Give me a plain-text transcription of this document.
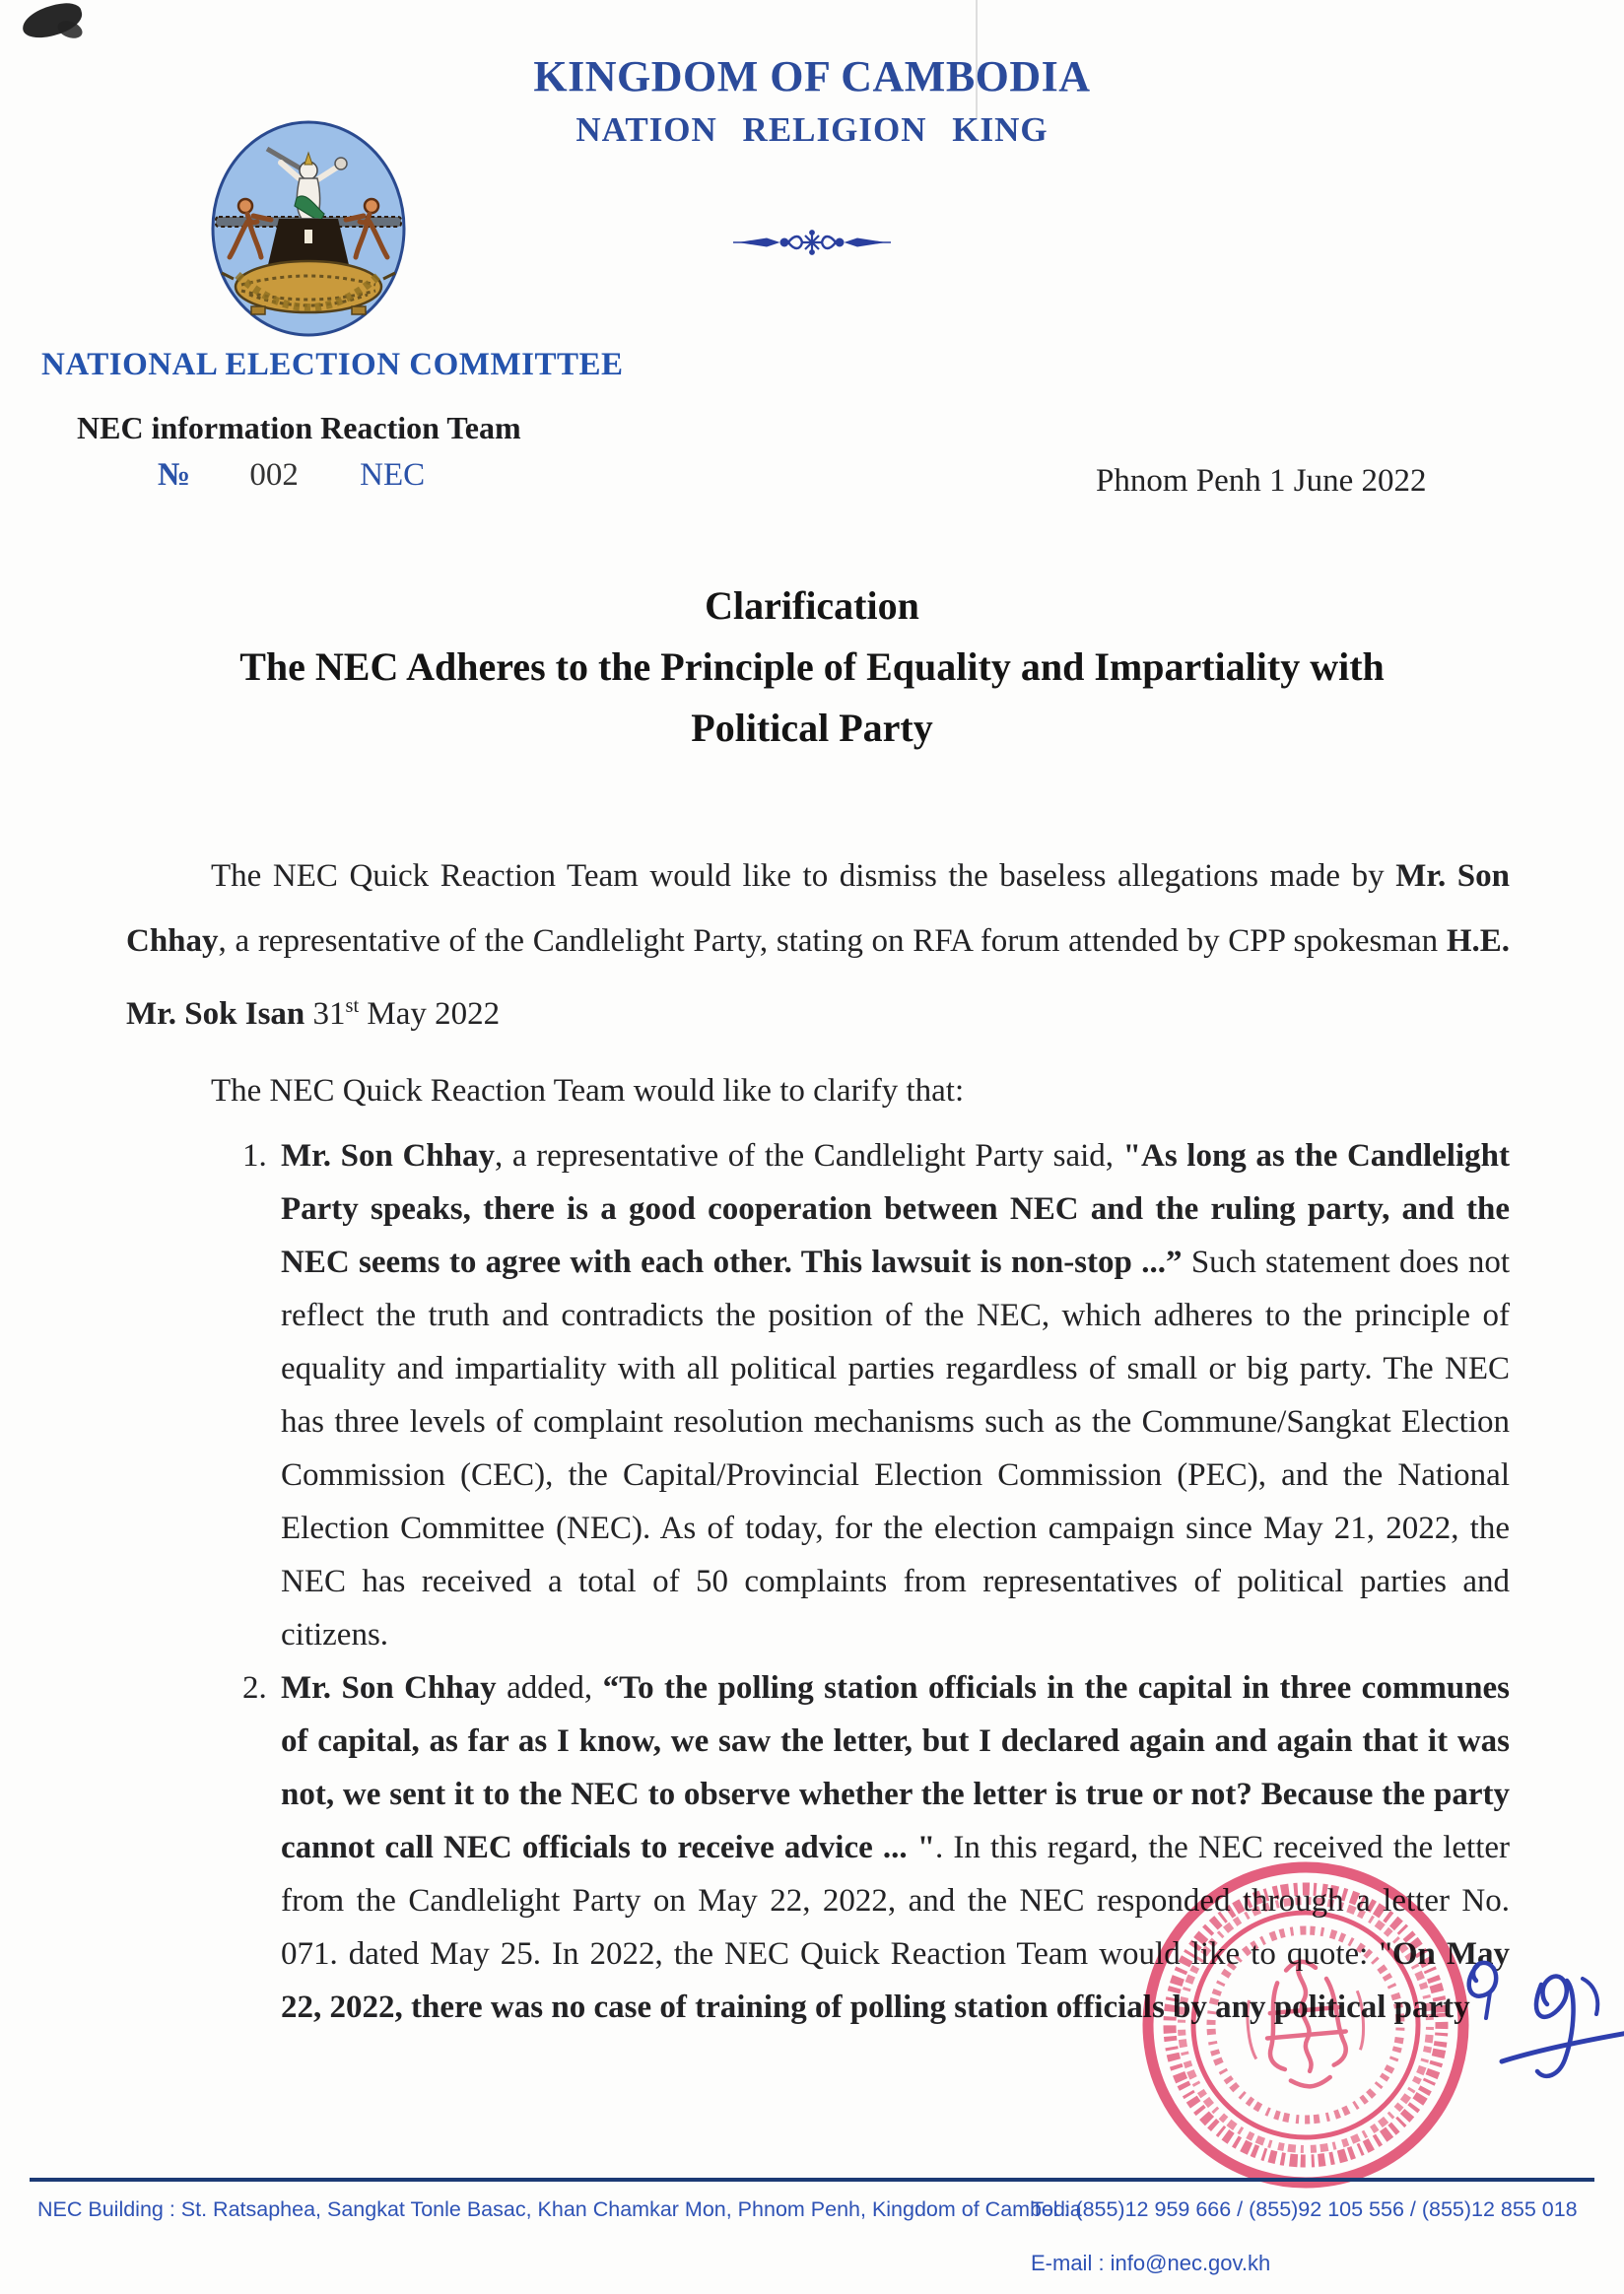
KINGDOM OF CAMBODIA
NATION RELIGION KING
NATIONAL ELECTION COMMITTEE
NEC information Reaction Team
№ 002 NEC	Phnom Penh 1 June 2022
Clarification
The NEC Adheres to the Principle of Equality and Impartiality with
Political Party

The NEC Quick Reaction Team would like to dismiss the baseless allegations made by Mr. Son Chhay, a representative of the Candlelight Party, stating on RFA forum attended by CPP spokesman H.E. Mr. Sok Isan 31st May 2022

The NEC Quick Reaction Team would like to clarify that:

1. Mr. Son Chhay, a representative of the Candlelight Party said, "As long as the Candlelight Party speaks, there is a good cooperation between NEC and the ruling party, and the NEC seems to agree with each other. This lawsuit is non-stop ...” Such statement does not reflect the truth and contradicts the position of the NEC, which adheres to the principle of equality and impartiality with all political parties regardless of small or big party. The NEC has three levels of complaint resolution mechanisms such as the Commune/Sangkat Election Commission (CEC), the Capital/Provincial Election Commission (PEC), and the National Election Committee (NEC). As of today, for the election campaign since May 21, 2022, the NEC has received a total of 50 complaints from representatives of political parties and citizens.
2. Mr. Son Chhay added, “To the polling station officials in the capital in three communes of capital, as far as I know, we saw the letter, but I declared again and again that it was not, we sent it to the NEC to observe whether the letter is true or not? Because the party cannot call NEC officials to receive advice ... ". In this regard, the NEC received the letter from the Candlelight Party on May 22, 2022, and the NEC responded through a letter No. 071. dated May 25. In 2022, the NEC Quick Reaction Team would like to quote: "On May 22, 2022, there was no case of training of polling station officials by any political party
NEC Building : St. Ratsaphea, Sangkat Tonle Basac, Khan Chamkar Mon, Phnom Penh, Kingdom of Cambodia
Tel : (855)12 959 666 / (855)92 105 556 / (855)12 855 018
E-mail : info@nec.gov.kh
